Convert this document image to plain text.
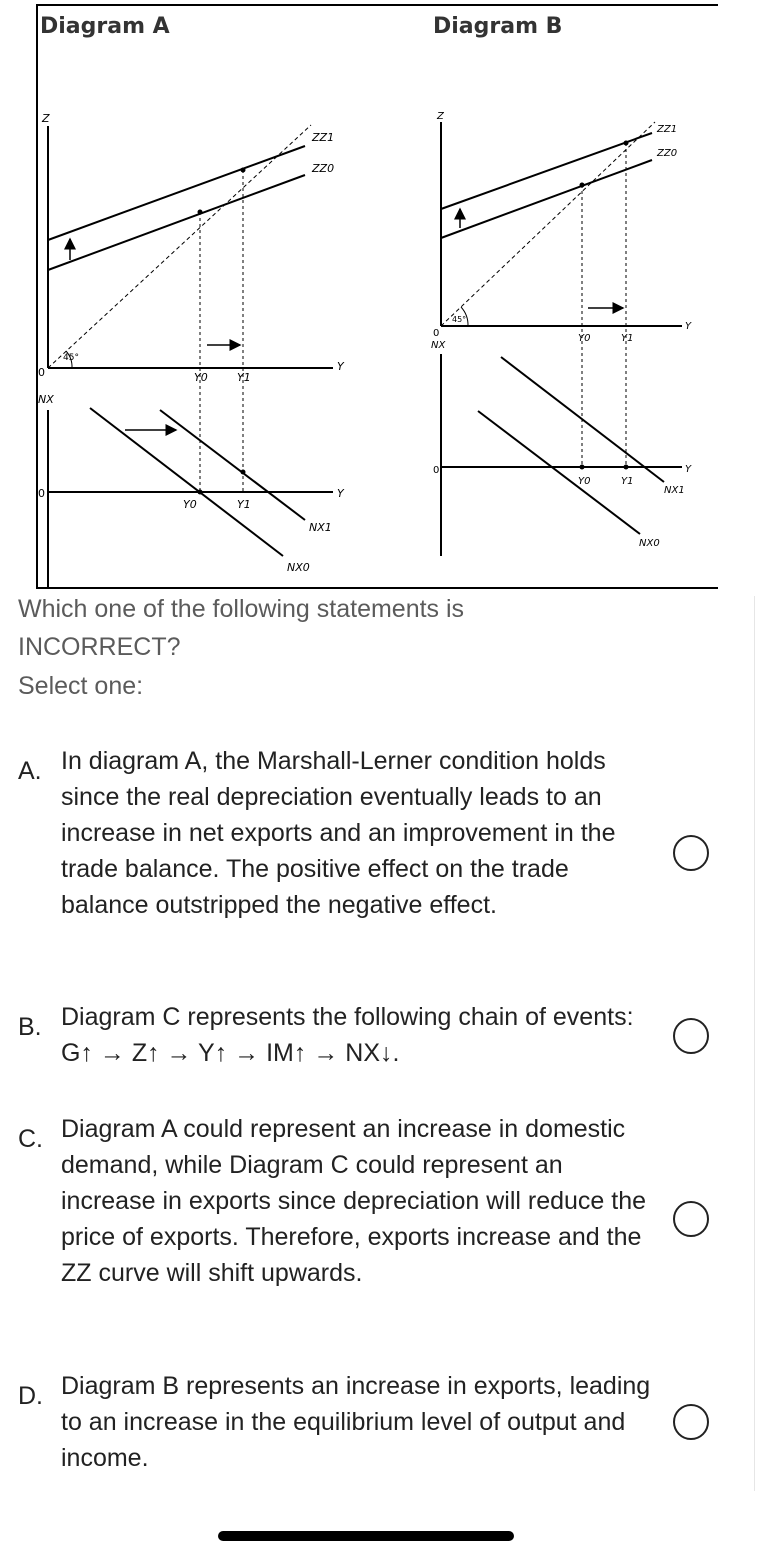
Diagram A
Z
0	Y
45°
ZZ1
ZZ0
Y0	Y1
NX
0	Y
NX1
NX0
Y0	Y1
Diagram B
Z
0
NX
Y
45°
ZZ1
ZZ0
Y0	Y1
0	Y
NX1
NX0
Y0	Y1
Which one of the following statements is INCORRECT?
Select one:
A. In diagram A, the Marshall-Lerner condition holds since the real depreciation eventually leads to an increase in net exports and an improvement in the trade balance. The positive effect on the trade balance outstripped the negative effect.
B. Diagram C represents the following chain of events: G↑ → Z↑ → Y↑ → IM↑ → NX↓.
C. Diagram A could represent an increase in domestic demand, while Diagram C could represent an increase in exports since depreciation will reduce the price of exports. Therefore, exports increase and the ZZ curve will shift upwards.
D. Diagram B represents an increase in exports, leading to an increase in the equilibrium level of output and income.
